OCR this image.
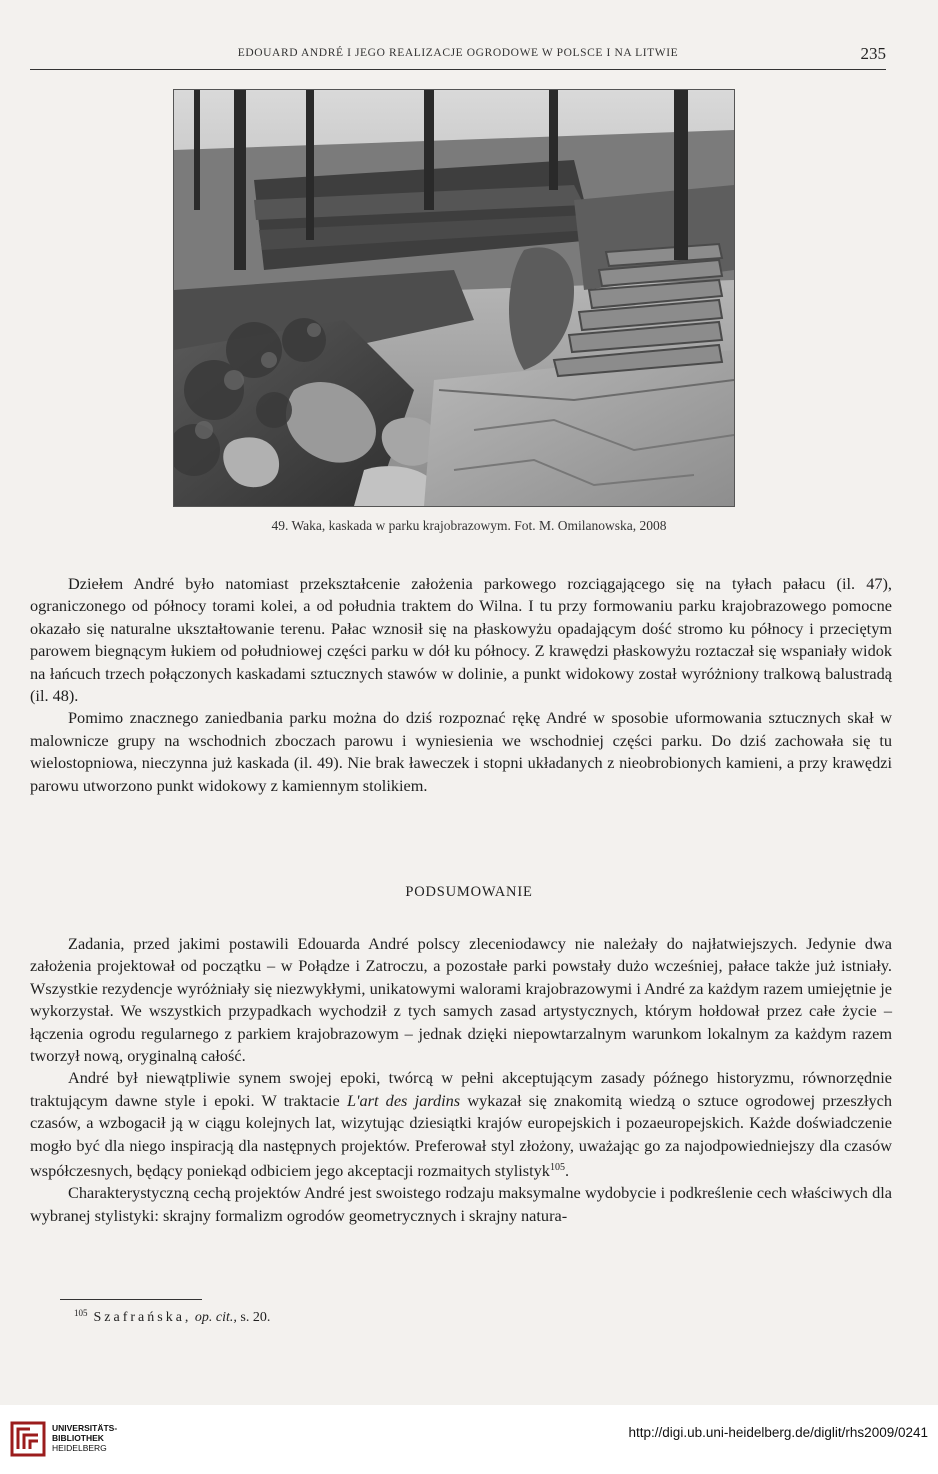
EDOUARD ANDRÉ I JEGO REALIZACJE OGRODOWE W POLSCE I NA LITWIE	235
49. Waka, kaskada w parku krajobrazowym. Fot. M. Omilanowska, 2008

Dziełem André było natomiast przekształcenie założenia parkowego rozciągającego się na tyłach pałacu (il. 47), ograniczonego od północy torami kolei, a od południa traktem do Wilna. I tu przy formowaniu parku krajobrazowego pomocne okazało się naturalne ukształtowanie terenu. Pałac wznosił się na płaskowyżu opadającym dość stromo ku północy i przeciętym parowem biegnącym łukiem od południowej części parku w dół ku północy. Z krawędzi płaskowyżu roztaczał się wspaniały widok na łańcuch trzech połączonych kaskadami sztucznych stawów w dolinie, a punkt widokowy został wyróżniony tralkową balustradą (il. 48).

Pomimo znacznego zaniedbania parku można do dziś rozpoznać rękę André w sposobie uformowania sztucznych skał w malownicze grupy na wschodnich zboczach parowu i wyniesienia we wschodniej części parku. Do dziś zachowała się tu wielostopniowa, nieczynna już kaskada (il. 49). Nie brak ławeczek i stopni układanych z nieobrobionych kamieni, a przy krawędzi parowu utworzono punkt widokowy z kamiennym stolikiem.

PODSUMOWANIE

Zadania, przed jakimi postawili Edouarda André polscy zleceniodawcy nie należały do najłatwiejszych. Jedynie dwa założenia projektował od początku – w Połądze i Zatroczu, a pozostałe parki powstały dużo wcześniej, pałace także już istniały. Wszystkie rezydencje wyróżniały się niezwykłymi, unikatowymi walorami krajobrazowymi i André za każdym razem umiejętnie je wykorzystał. We wszystkich przypadkach wychodził z tych samych zasad artystycznych, którym hołdował przez całe życie – łączenia ogrodu regularnego z parkiem krajobrazowym – jednak dzięki niepowtarzalnym warunkom lokalnym za każdym razem tworzył nową, oryginalną całość.

André był niewątpliwie synem swojej epoki, twórcą w pełni akceptującym zasady późnego historyzmu, równorzędnie traktującym dawne style i epoki. W traktacie L'art des jardins wykazał się znakomitą wiedzą o sztuce ogrodowej przeszłych czasów, a wzbogacił ją w ciągu kolejnych lat, wizytując dziesiątki krajów europejskich i pozaeuropejskich. Każde doświadczenie mogło być dla niego inspiracją dla następnych projektów. Preferował styl złożony, uważając go za najodpowiedniejszy dla czasów współczesnych, będący poniekąd odbiciem jego akceptacji rozmaitych stylistyk$^{105}$.

Charakterystyczną cechą projektów André jest swoistego rodzaju maksymalne wydobycie i podkreślenie cech właściwych dla wybranej stylistyki: skrajny formalizm ogrodów geometrycznych i skrajny natura-

$^{105}$ Szafrańska, op. cit., s. 20.
UNIVERSITÄTS-
BIBLIOTHEK
HEIDELBERG
http://digi.ub.uni-heidelberg.de/diglit/rhs2009/0241
